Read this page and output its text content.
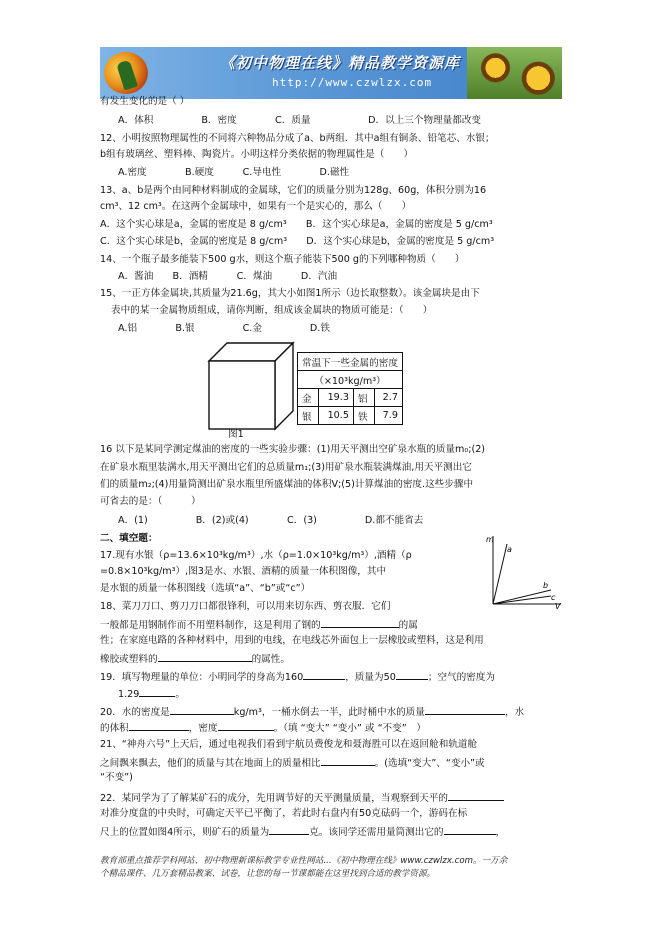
《初中物理在线》精品教学资源库
http://www.czwlzx.com
有发生变化的是（ ）
A．体积　　　　　B．密度　　　　C．质量　　　　　　D．以上三个物理量都改变
12、小明按照物理属性的不同将六种物品分成了a、b两组．其中a组有铜条、铅笔芯、水银；
b组有玻璃丝、塑料棒、陶瓷片。小明这样分类依据的物理属性是（　　）
A.密度　　　　B.硬度　　　C.导电性　　　　D.磁性
13、a、b是两个由同种材料制成的金属球，它们的质量分别为128g、60g，体积分别为16
cm³、12 cm³。在这两个金属球中，如果有一个是实心的，那么（　　）
A．这个实心球是a，金属的密度是 8 g/cm³　　B．这个实心球是a，金属的密度是 5 g/cm³
C．这个实心球是b，金属的密度是 8 g/cm³　　D．这个实心球是b，金属的密度是 5 g/cm³
14、一个瓶子最多能装下500 g水，则这个瓶子能装下500 g的下列哪种物质（　　）
A．酱油　　B．酒精　　　C．煤油　　　D．汽油
15、一正方体金属块,其质量为21.6g，其大小如图1所示（边长取整数）。该金属块是由下
表中的某一金属物质组成，请你判断，组成该金属块的物质可能是：（　　）
A.铝　　　　B.银　　　　　C.金　　　　　D.铁
图1
常温下一些金属的密度			
（×10³kg/m³）			
金	19.3	铝	2.7
银	10.5	铁	7.9
16 以下是某同学测定煤油的密度的一些实验步骤：(1)用天平测出空矿泉水瓶的质量m₀;(2)
在矿泉水瓶里装满水,用天平测出它们的总质量m₁;(3)用矿泉水瓶装满煤油,用天平测出它
们的质量m₂;(4)用量筒测出矿泉水瓶里所盛煤油的体积V;(5)计算煤油的密度.这些步骤中
可省去的是：（　　　）
A．(1)　　　　　B．(2)或(4)　　　　C．(3)　　　　　D.都不能省去
二、填空题：
17.现有水银（ρ=13.6×10³kg/m³）,水（ρ=1.0×10³kg/m³）,酒精（ρ
=0.8×10³kg/m³）,图3是水、水银、酒精的质量一体积图像，其中
是水银的质量一体积图线（选填“a”、“b”或“c”）
m
V
a
b
c
18、菜刀刀口、剪刀刀口都很锋利，可以用来切东西、剪衣服．它们
一般都是用钢制作而不用塑料制作，这是利用了钢的	的属
性；在家庭电路的各种材料中，用到的电线，在电线芯外面包上一层橡胶或塑料，这是利用
橡胶或塑料的	的属性。
19．填写物理量的单位：小明同学的身高为160	，质量为50	；空气的密度为
1.29	。
20．水的密度是	kg/m³，一桶水倒去一半，此时桶中水的质量	，水
的体积	，密度	。（填 “变大” “变小” 或 “不变”　）
21、“神舟六号”上天后，通过电视我们看到宇航员费俊龙和聂海胜可以在返回舱和轨道舱
之间飘来飘去，他们的质量与其在地面上的质量相比	。(选填“变大”、“变小”或
“不变”)
22．某同学为了了解某矿石的成分，先用调节好的天平测量质量，当观察到天平的
对准分度盘的中央时，可确定天平已平衡了，若此时右盘内有50克砝码一个，游码在标
尺上的位置如图4所示，则矿石的质量为	克。该同学还需用量筒测出它的	，
教育部重点推荐学科网站、初中物理新课标教学专业性网站...《初中物理在线》www.czwlzx.com。一万余
个精品课件、几万套精品教案、试卷，让您的每一节课都能在这里找到合适的教学资源。
